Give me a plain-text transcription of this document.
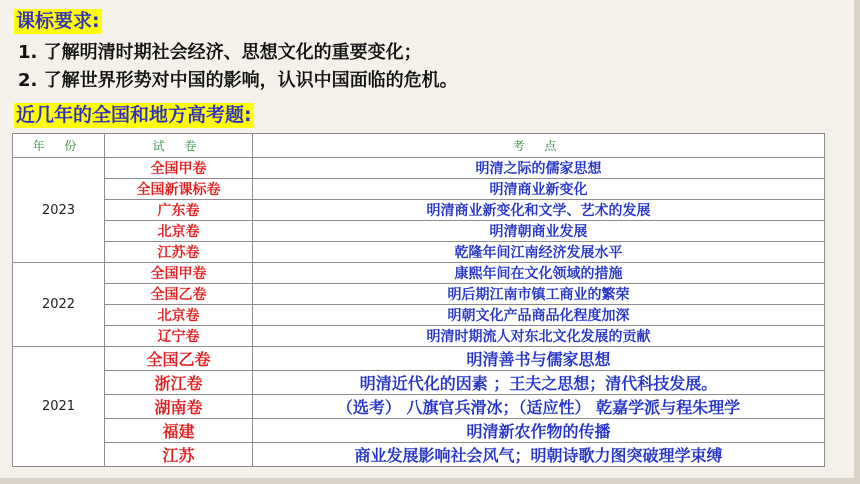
课标要求:
1. 了解明清时期社会经济、思想文化的重要变化；
2. 了解世界形势对中国的影响，认识中国面临的危机。
近几年的全国和地方高考题:
年 份	试 卷	考 点
2023	全国甲卷	明清之际的儒家思想
	全国新课标卷	明清商业新变化
	广东卷	明清商业新变化和文学、艺术的发展
	北京卷	明清朝商业发展
	江苏卷	乾隆年间江南经济发展水平
2022	全国甲卷	康熙年间在文化领域的措施
	全国乙卷	明后期江南市镇工商业的繁荣
	北京卷	明朝文化产品商品化程度加深
	辽宁卷	明清时期流人对东北文化发展的贡献
2021	全国乙卷	明清善书与儒家思想
	浙江卷	明清近代化的因素 ；王夫之思想；清代科技发展。
	湖南卷	（选考） 八旗官兵滑冰；（适应性） 乾嘉学派与程朱理学
	福建	明清新农作物的传播
	江苏	商业发展影响社会风气；明朝诗歌力图突破理学束缚
